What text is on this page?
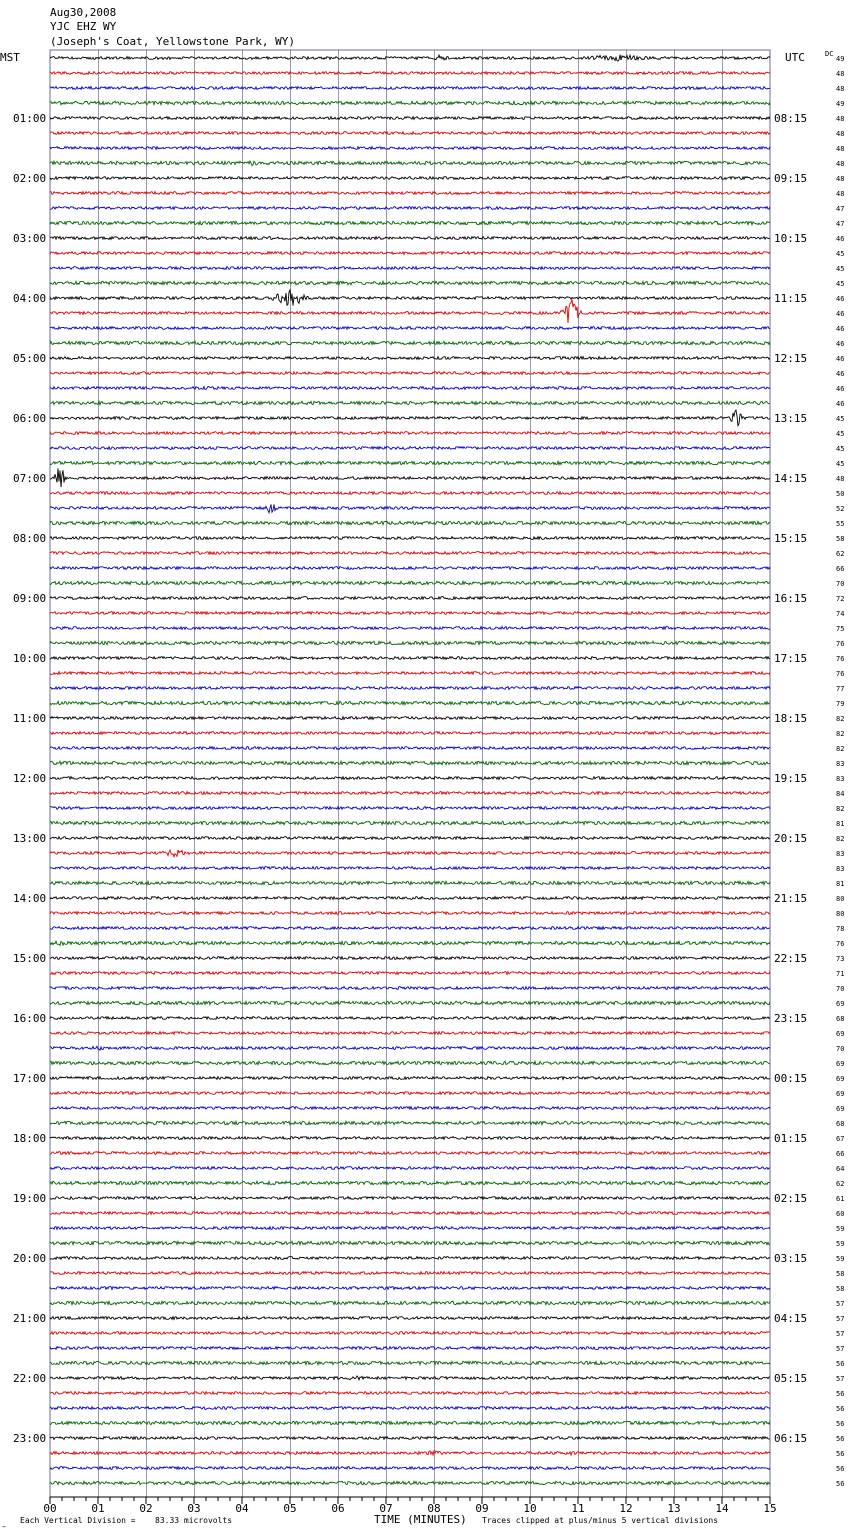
49
48
48
49
48
48
48
48
48
48
47
47
46
45
45
45
46
46
46
46
46
46
46
46
45
45
45
45
48
50
52
55
58
62
66
70
72
74
75
76
76
76
77
79
82
82
82
83
83
84
82
81
82
83
83
81
80
80
78
76
73
71
70
69
68
69
70
69
69
69
69
68
67
66
64
62
61
60
59
59
59
58
58
57
57
57
57
56
57
56
56
56
56
56
56
56
01:00
02:00
03:00
04:00
05:00
06:00
07:00
08:00
09:00
10:00
11:00
12:00
13:00
14:00
15:00
16:00
17:00
18:00
19:00
20:00
21:00
22:00
23:00
08:15
09:15
10:15
11:15
12:15
13:15
14:15
15:15
16:15
17:15
18:15
19:15
20:15
21:15
22:15
23:15
00:15
01:15
02:15
03:15
04:15
05:15
06:15
00	01	02	03	04	05	06	07	08	09	10	11	12	13	14	15
Aug30,2008
YJC EHZ WY
(Joseph's Coat, Yellowstone Park, WY)
MST	UTC	DC
‴
Each Vertical Division = 83.33 microvolts	TIME (MINUTES) Traces clipped at plus/minus 5 vertical divisions
